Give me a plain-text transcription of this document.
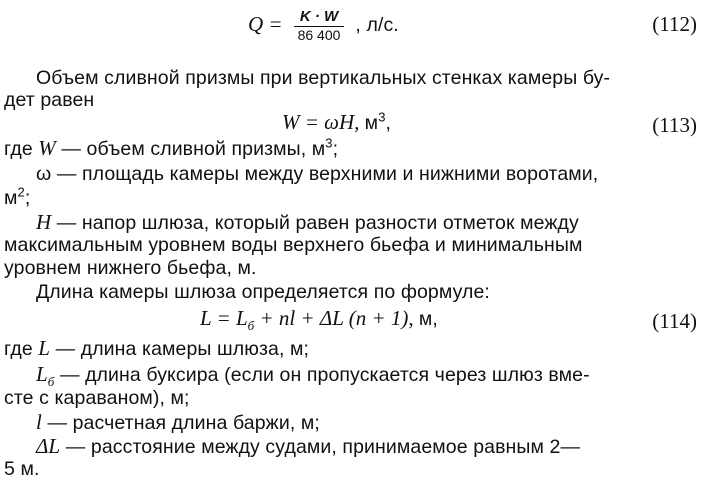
$Q = \frac{K \cdot W}{86 400}$ , л/с.	(112)
Объем сливной призмы при вертикальных стенках камеры бу-
дет равен
W = ωH, $м^3$,	(113)
где W — объем сливной призмы, $м^3$;
ω — площадь камеры между верхними и нижними воротами,
$м^2$;
H — напор шлюза, который равен разности отметок между
максимальным уровнем воды верхнего бьефа и минимальным
уровнем нижнего бьефа, м.
Длина камеры шлюза определяется по формуле:
$L = L_б$ + nl + ΔL (n + 1), м,	(114)
где L — длина камеры шлюза, м;
$L_б$ — длина буксира (если он пропускается через шлюз вме-
сте с караваном), м;
l — расчетная длина баржи, м;
ΔL — расстояние между судами, принимаемое равным 2—
5 м.
